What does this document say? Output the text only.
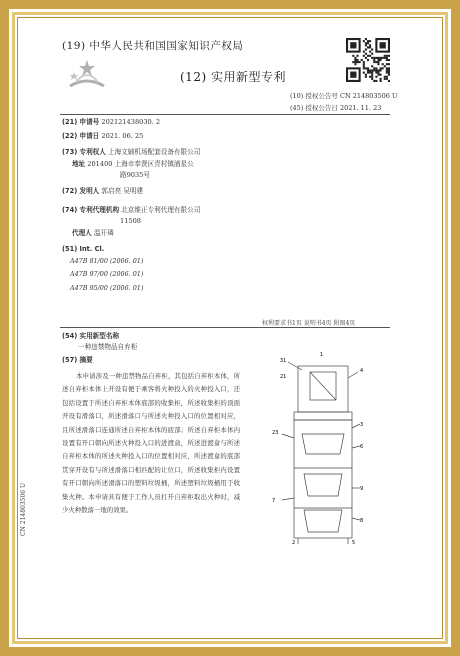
(19) 中华人民共和国国家知识产权局
(12) 实用新型专利
(10) 授权公告号 CN 214803506 U
(45) 授权公告日 2021. 11. 23
(21) 申请号 202121438030. 2
(22) 申请日 2021. 06. 25
(73) 专利权人 上海文辅机场配套设备有限公司
地址 201400 上海市奉贤区青村镇浦星公
路9035号
(72) 发明人 郭启亮 吴明建
(74) 专利代理机构 北京维正专利代理有限公司
11508
代理人 温开璘
(51) Int. Cl.
A47B 81/00 (2006. 01)
A47B 97/00 (2006. 01)
A47B 95/00 (2006. 01)
权利要求书1页 说明书4页 附图4页
(54) 实用新型名称
一种违禁物品自弃柜
(57) 摘要
本申请涉及一种违禁物品自弃柜，其包括自弃柜本体，所述自弃柜本体上开设有便于乘客将火种投入的火种投入口，还包括设置于所述自弃柜本体底部的收集柜，所述收集柜的顶面开设有滑落口，所述滑落口与所述火种投入口的位置相对应，且所述滑落口连通所述自弃柜本体的底部；所述自弃柜本体内设置有开口朝向所述火种投入口的进渡盒，所述进渡盒与所述自弃柜本体的所述火种投入口的位置相对应，所述渡盒的底部贯穿开设有与所述滑落口相匹配的让位口，所述收集柜内设置有开口朝向所述滑落口的塑料垃圾桶，所述塑料垃圾桶用于收集火种。本申请具有便于工作人员打开自弃柜取出火种时，减少火种散落一地的效果。
1
31
21
23
4
3
6
9
8
7
2	5
CN 214803506 U
